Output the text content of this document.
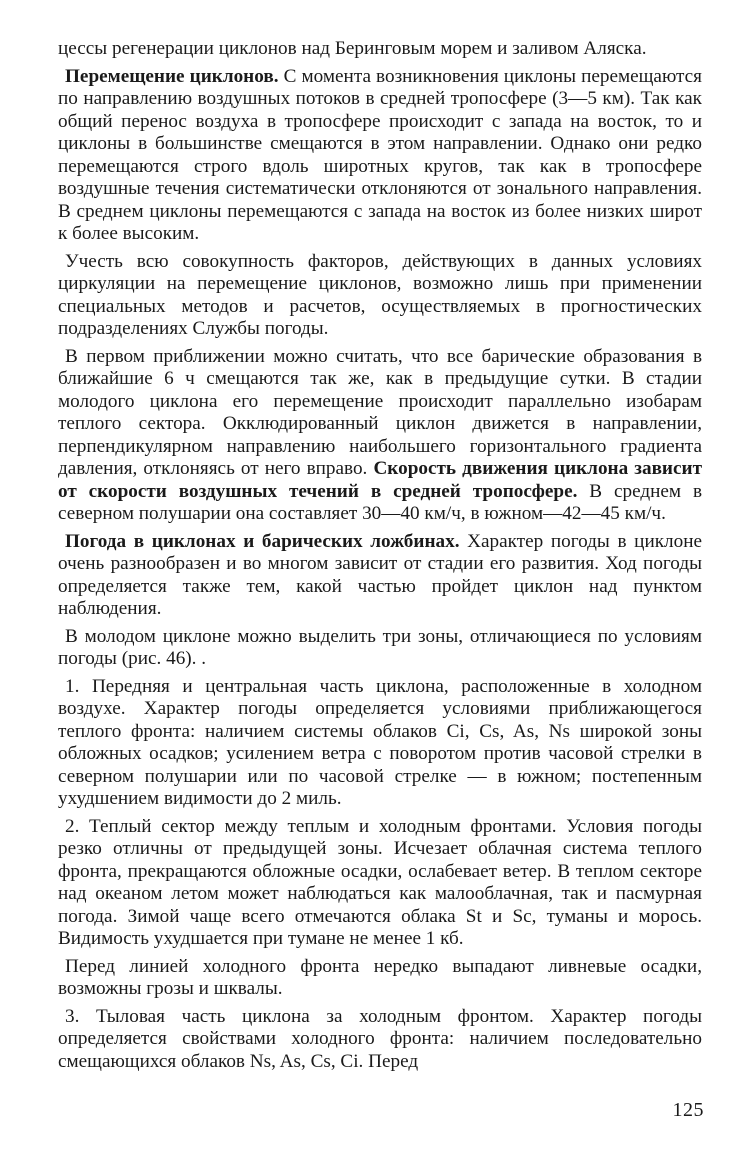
цессы регенерации циклонов над Беринговым морем и заливом Аляска.

Перемещение циклонов. С момента возникновения циклоны перемещаются по направлению воздушных потоков в средней тропосфере (3—5 км). Так как общий перенос воздуха в тропосфере происходит с запада на восток, то и циклоны в большинстве смещаются в этом направлении. Однако они редко перемещаются строго вдоль широтных кругов, так как в тропосфере воздушные течения систематически отклоняются от зонального направления. В среднем циклоны перемещаются с запада на восток из более низких широт к более высоким.

Учесть всю совокупность факторов, действующих в данных условиях циркуляции на перемещение циклонов, возможно лишь при применении специальных методов и расчетов, осуществляемых в прогностических подразделениях Службы погоды.

В первом приближении можно считать, что все барические образования в ближайшие 6 ч смещаются так же, как в предыдущие сутки. В стадии молодого циклона его перемещение происходит параллельно изобарам теплого сектора. Окклюдированный циклон движется в направлении, перпендикулярном направлению наибольшего горизонтального градиента давления, отклоняясь от него вправо. Скорость движения циклона зависит от скорости воздушных течений в средней тропосфере. В среднем в северном полушарии она составляет 30—40 км/ч, в южном—42—45 км/ч.

Погода в циклонах и барических ложбинах. Характер погоды в циклоне очень разнообразен и во многом зависит от стадии его развития. Ход погоды определяется также тем, какой частью пройдет циклон над пунктом наблюдения.

В молодом циклоне можно выделить три зоны, отличающиеся по условиям погоды (рис. 46). .

1. Передняя и центральная часть циклона, расположенные в холодном воздухе. Характер погоды определяется условиями приближающегося теплого фронта: наличием системы облаков Ci, Cs, As, Ns широкой зоны обложных осадков; усилением ветра с поворотом против часовой стрелки в северном полушарии или по часовой стрелке — в южном; постепенным ухудшением видимости до 2 миль.

2. Теплый сектор между теплым и холодным фронтами. Условия погоды резко отличны от предыдущей зоны. Исчезает облачная система теплого фронта, прекращаются обложные осадки, ослабевает ветер. В теплом секторе над океаном летом может наблюдаться как малооблачная, так и пасмурная погода. Зимой чаще всего отмечаются облака St и Sc, туманы и морось. Видимость ухудшается при тумане не менее 1 кб.

Перед линией холодного фронта нередко выпадают ливневые осадки, возможны грозы и шквалы.

3. Тыловая часть циклона за холодным фронтом. Характер погоды определяется свойствами холодного фронта: наличием последовательно смещающихся облаков Ns, As, Cs, Ci. Перед

125
